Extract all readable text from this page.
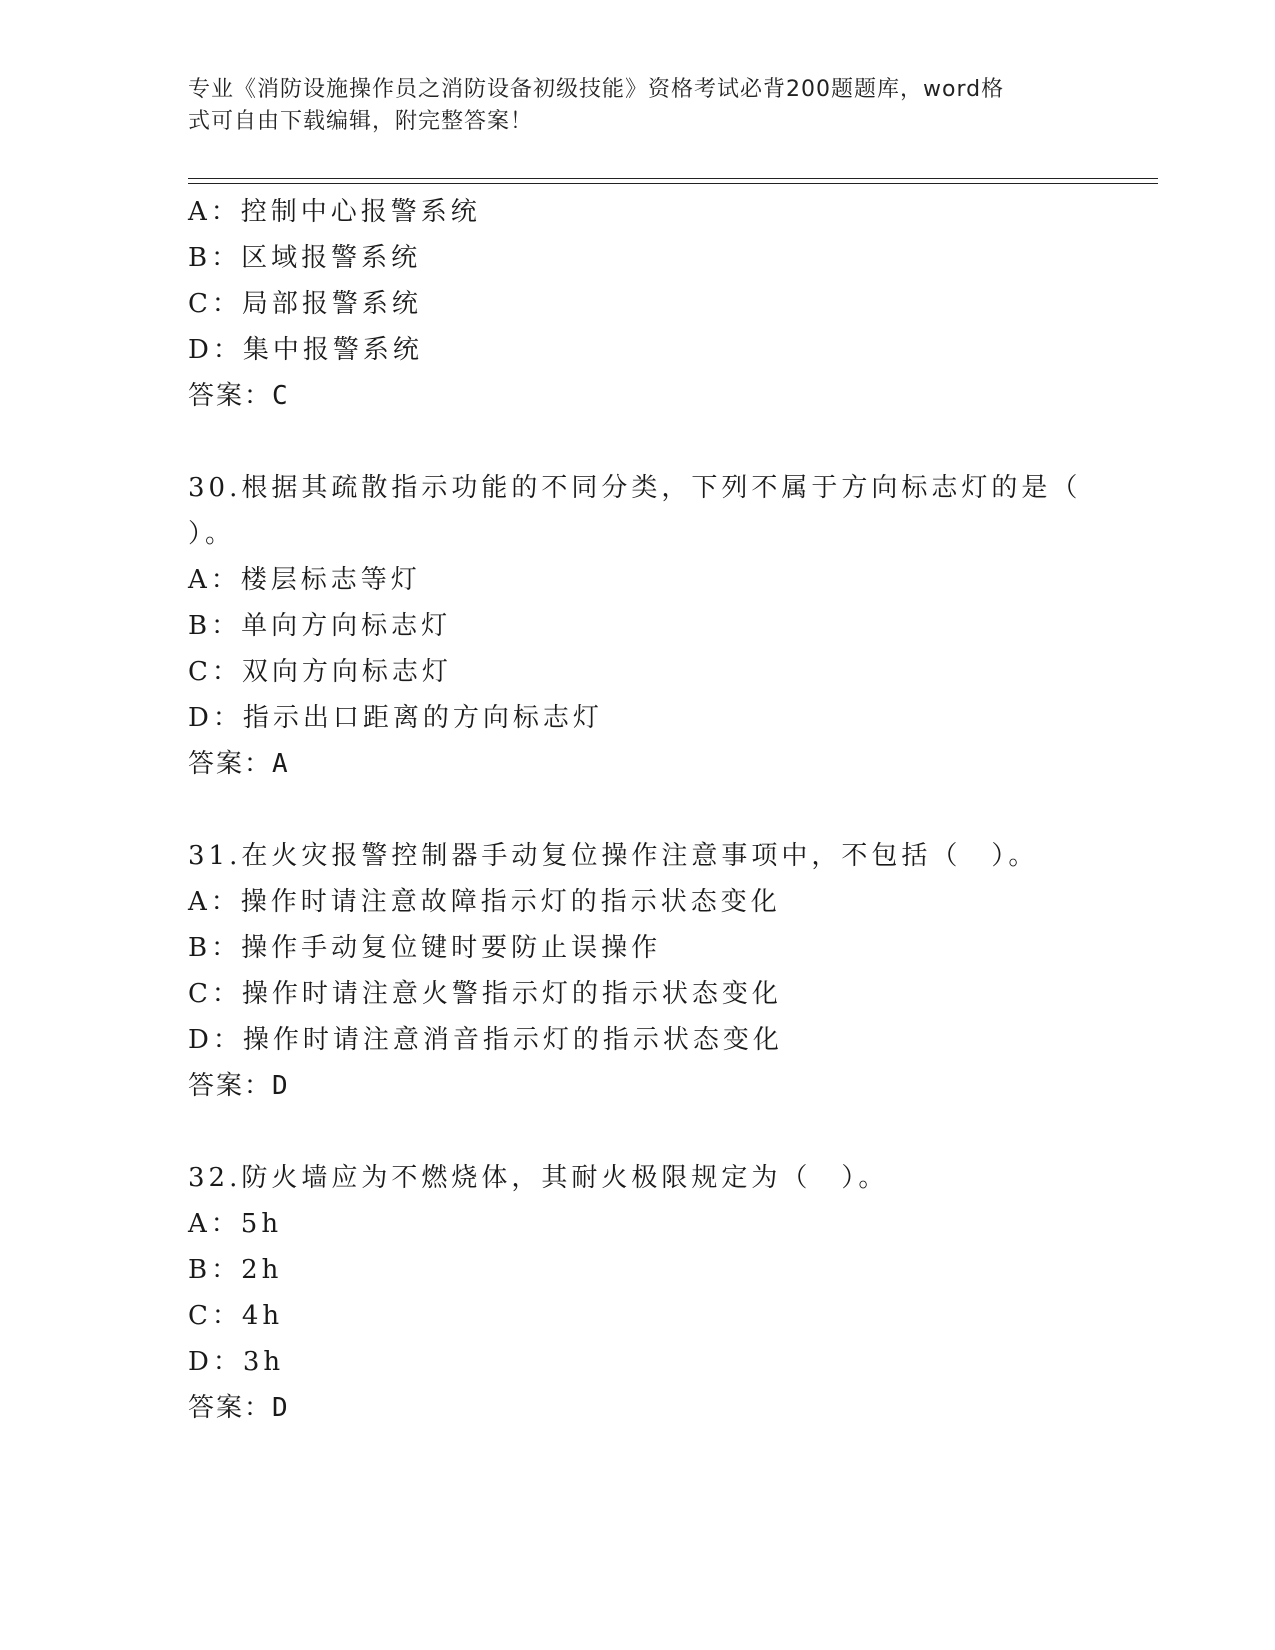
专业《消防设施操作员之消防设备初级技能》资格考试必背200题题库，word格
式可自由下载编辑，附完整答案！
A：控制中心报警系统
B：区域报警系统
C：局部报警系统
D：集中报警系统
答案：C
30.根据其疏散指示功能的不同分类，下列不属于方向标志灯的是（
）。
A：楼层标志等灯
B：单向方向标志灯
C：双向方向标志灯
D：指示出口距离的方向标志灯
答案：A
31.在火灾报警控制器手动复位操作注意事项中，不包括（　）。
A：操作时请注意故障指示灯的指示状态变化
B：操作手动复位键时要防止误操作
C：操作时请注意火警指示灯的指示状态变化
D：操作时请注意消音指示灯的指示状态变化
答案：D
32.防火墙应为不燃烧体，其耐火极限规定为（　）。
A：5h
B：2h
C：4h
D：3h
答案：D
